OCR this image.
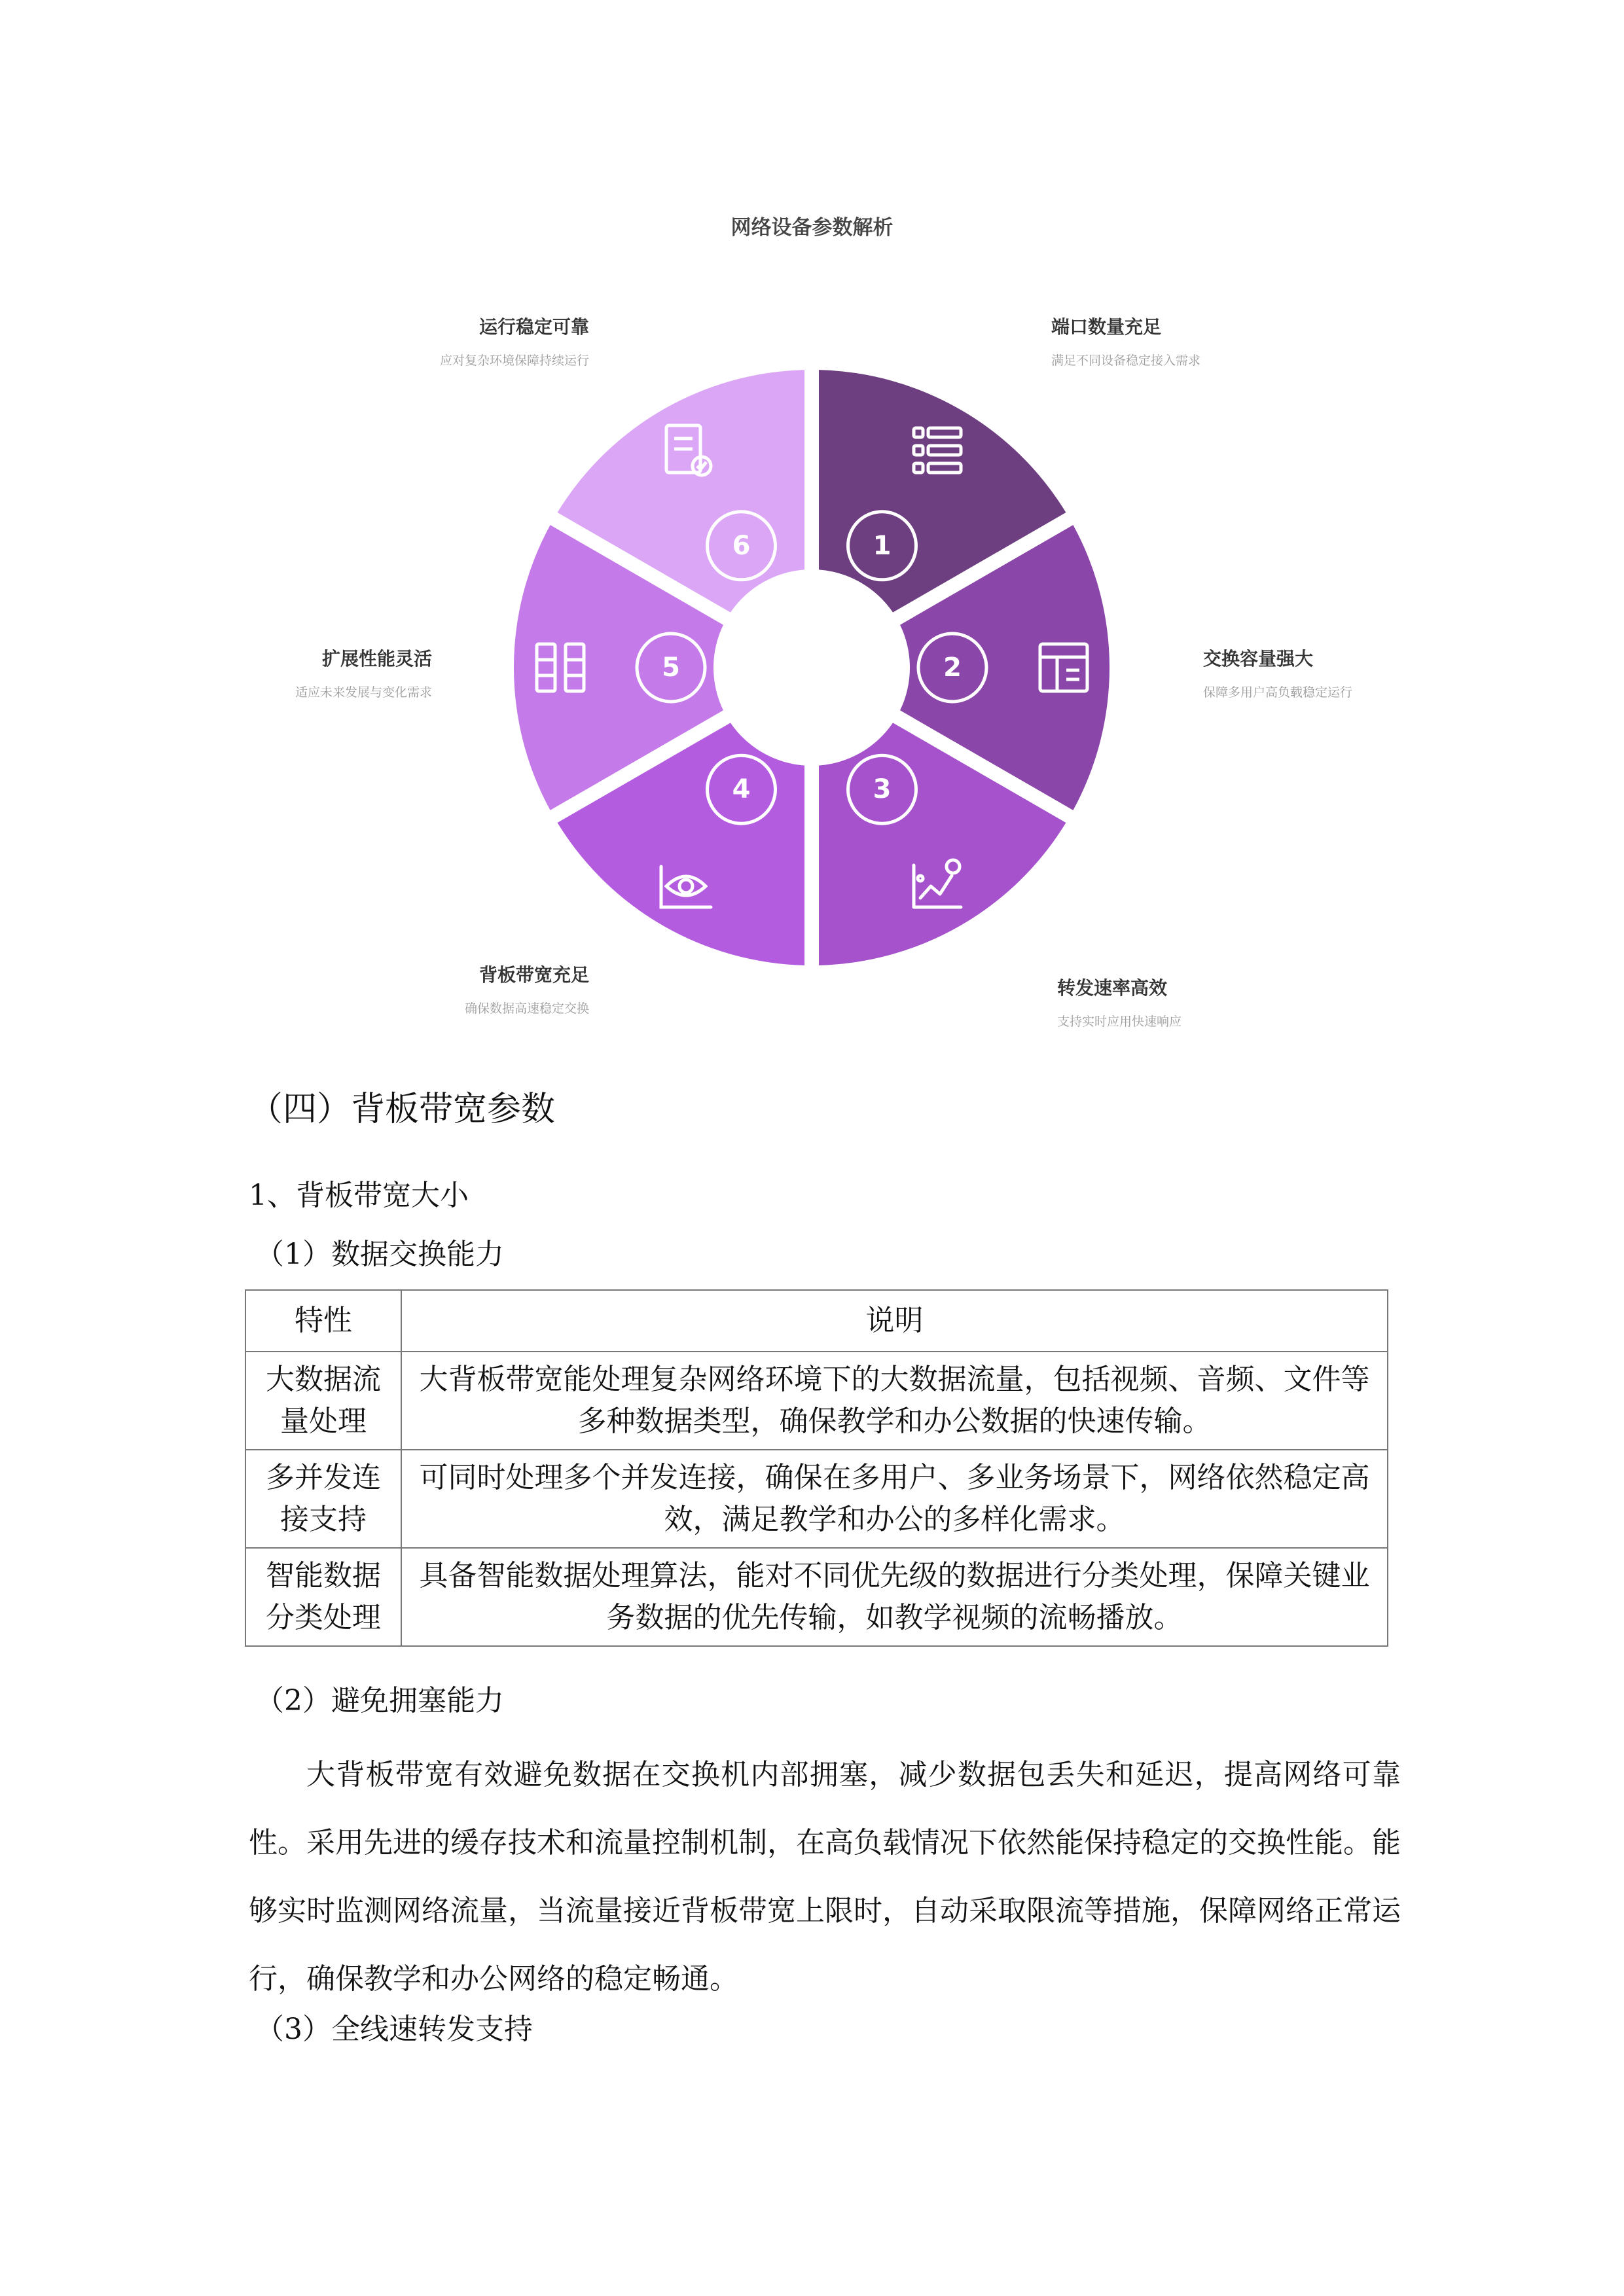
网络设备参数解析
1
2
3
4
5
6
端口数量充足
满足不同设备稳定接入需求
交换容量强大
保障多用户高负载稳定运行
转发速率高效
支持实时应用快速响应
背板带宽充足
确保数据高速稳定交换
扩展性能灵活
适应未来发展与变化需求
运行稳定可靠
应对复杂环境保障持续运行
（四）背板带宽参数
1、背板带宽大小
（1）数据交换能力
特性	说明
大数据流量处理	大背板带宽能处理复杂网络环境下的大数据流量，包括视频、音频、文件等多种数据类型，确保教学和办公数据的快速传输。
多并发连接支持	可同时处理多个并发连接，确保在多用户、多业务场景下，网络依然稳定高效，满足教学和办公的多样化需求。
智能数据分类处理	具备智能数据处理算法，能对不同优先级的数据进行分类处理，保障关键业务数据的优先传输，如教学视频的流畅播放。
（2）避免拥塞能力
大背板带宽有效避免数据在交换机内部拥塞，减少数据包丢失和延迟，提高网络可靠性。采用先进的缓存技术和流量控制机制，在高负载情况下依然能保持稳定的交换性能。能够实时监测网络流量，当流量接近背板带宽上限时，自动采取限流等措施，保障网络正常运行，确保教学和办公网络的稳定畅通。
（3）全线速转发支持
